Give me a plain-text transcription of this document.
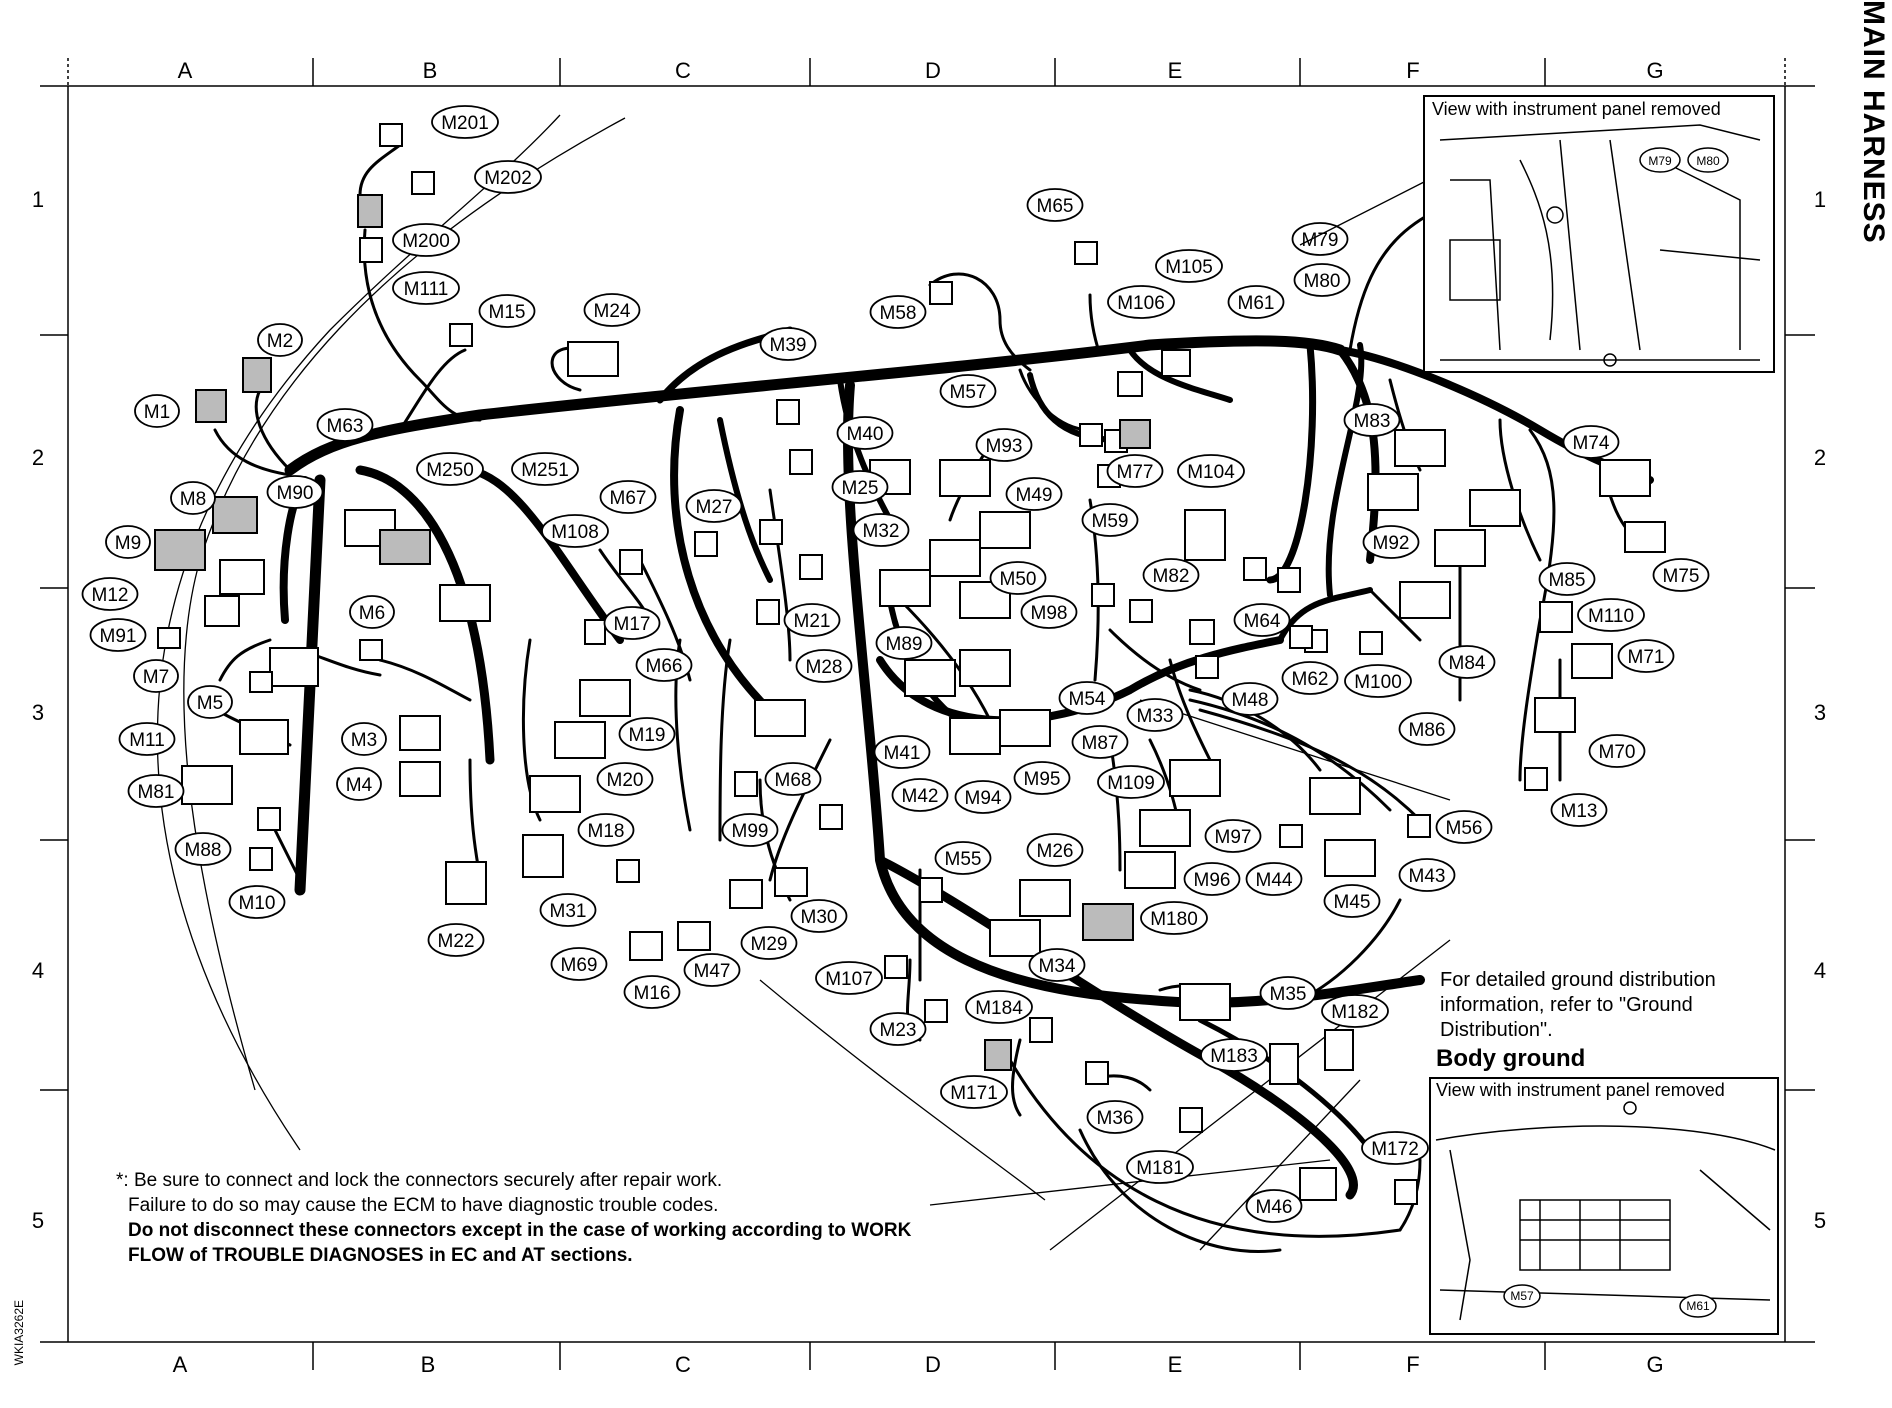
A	B	C	D	E	F	G
A	B	C	D	E	F	G
1
2
3
4
5
1
2
3
4
5
M201
M202
M200
M111
M15	M24
M2
M1
M63
M250 M251
M8	M90
M9
M12
M91
M6
M7
M5
M11	M3
M4
M81
M88
M10
M67
M108
M17
M66
M19
M20
M18
M22
M31
M69
M16
M47
M27
M39
M40
M25
M32
M21
M28
M68
M99
M29
M30
M58
M57
M65
M106
M105
M61
M79
M80
M93
M77 M104
M49
M59
M50
M98
M82
M89
M41
M42 M94
M95
M87
M54
M33
M48
M64
M62 M100
M109
M97
M96 M44
M45
M43
M56
M55	M26
M180
M34
M107
M23
M184
M171
M35
M182
M183
M36
M181
M46
M172
M83
M92
M74
M75
M85
M110
M71
M84
M86
M70
M13
View with instrument panel removed
M79 M80
View with instrument panel removed
M57
M61
MAIN HARNESS
WKIA3262E
For detailed ground distribution information, refer to "Ground Distribution".
Body ground
*: Be sure to connect and lock the connectors securely after repair work.
Failure to do so may cause the ECM to have diagnostic trouble codes.
Do not disconnect these connectors except in the case of working according to WORK FLOW of TROUBLE DIAGNOSES in EC and AT sections.
